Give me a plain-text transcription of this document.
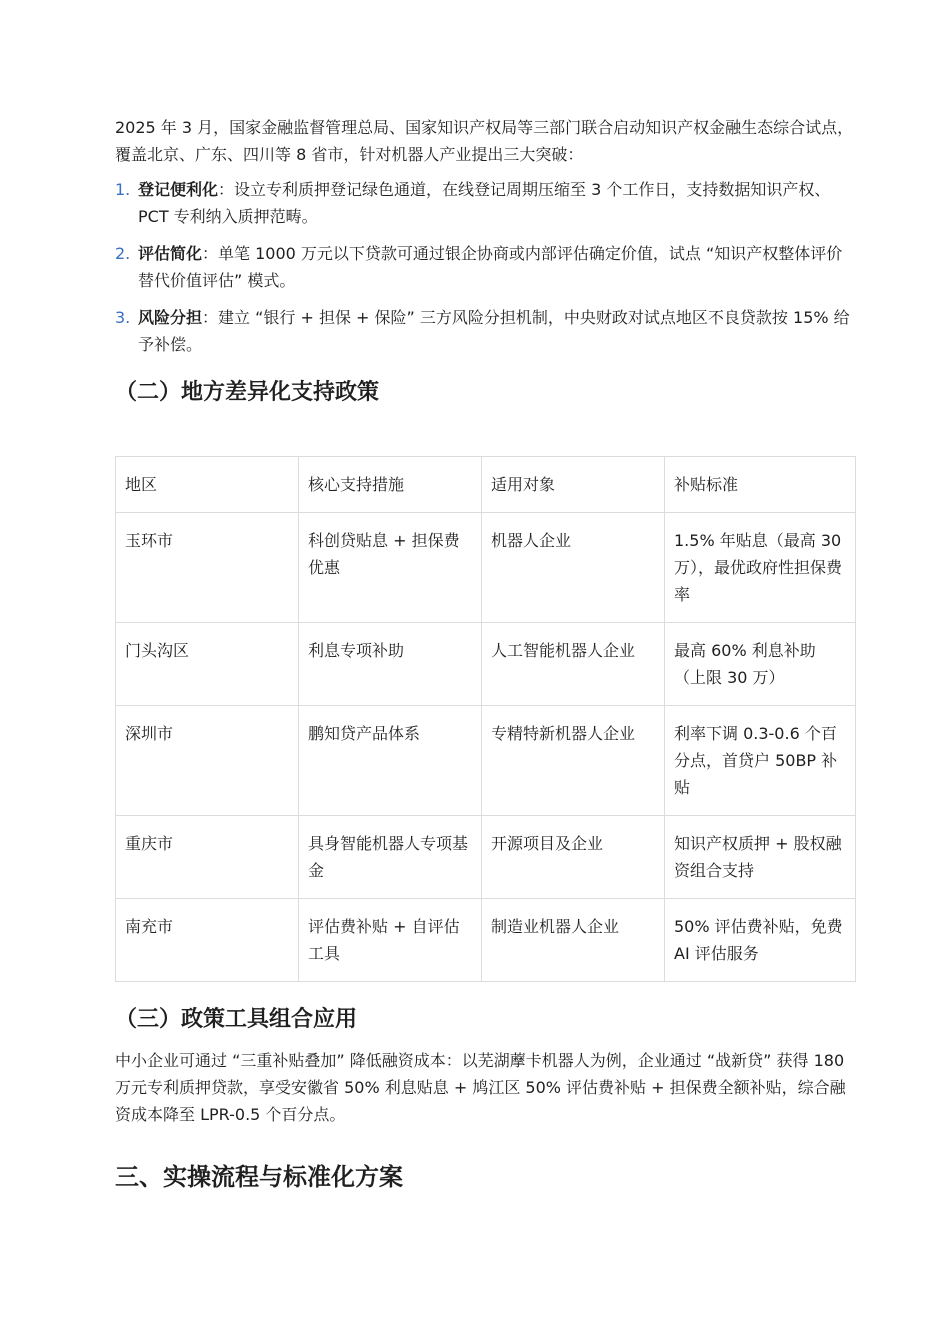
2025 年 3 月，国家金融监督管理总局、国家知识产权局等三部门联合启动知识产权金融生态综合试点，覆盖北京、广东、四川等 8 省市，针对机器人产业提出三大突破：

1. 登记便利化：设立专利质押登记绿色通道，在线登记周期压缩至 3 个工作日，支持数据知识产权、PCT 专利纳入质押范畴。
2. 评估简化：单笔 1000 万元以下贷款可通过银企协商或内部评估确定价值，试点 “知识产权整体评价替代价值评估” 模式。
3. 风险分担：建立 “银行 + 担保 + 保险” 三方风险分担机制，中央财政对试点地区不良贷款按 15% 给予补偿。
（二）地方差异化支持政策
地区	核心支持措施	适用对象	补贴标准
玉环市	科创贷贴息 + 担保费优惠	机器人企业	1.5% 年贴息（最高 30 万），最优政府性担保费率
门头沟区	利息专项补助	人工智能机器人企业	最高 60% 利息补助（上限 30 万）
深圳市	鹏知贷产品体系	专精特新机器人企业	利率下调 0.3-0.6 个百分点，首贷户 50BP 补贴
重庆市	具身智能机器人专项基金	开源项目及企业	知识产权质押 + 股权融资组合支持
南充市	评估费补贴 + 自评估工具	制造业机器人企业	50% 评估费补贴，免费 AI 评估服务
（三）政策工具组合应用

中小企业可通过 “三重补贴叠加” 降低融资成本：以芜湖藦卡机器人为例，企业通过 “战新贷” 获得 180 万元专利质押贷款，享受安徽省 50% 利息贴息 + 鸠江区 50% 评估费补贴 + 担保费全额补贴，综合融资成本降至 LPR-0.5 个百分点。

三、实操流程与标准化方案
